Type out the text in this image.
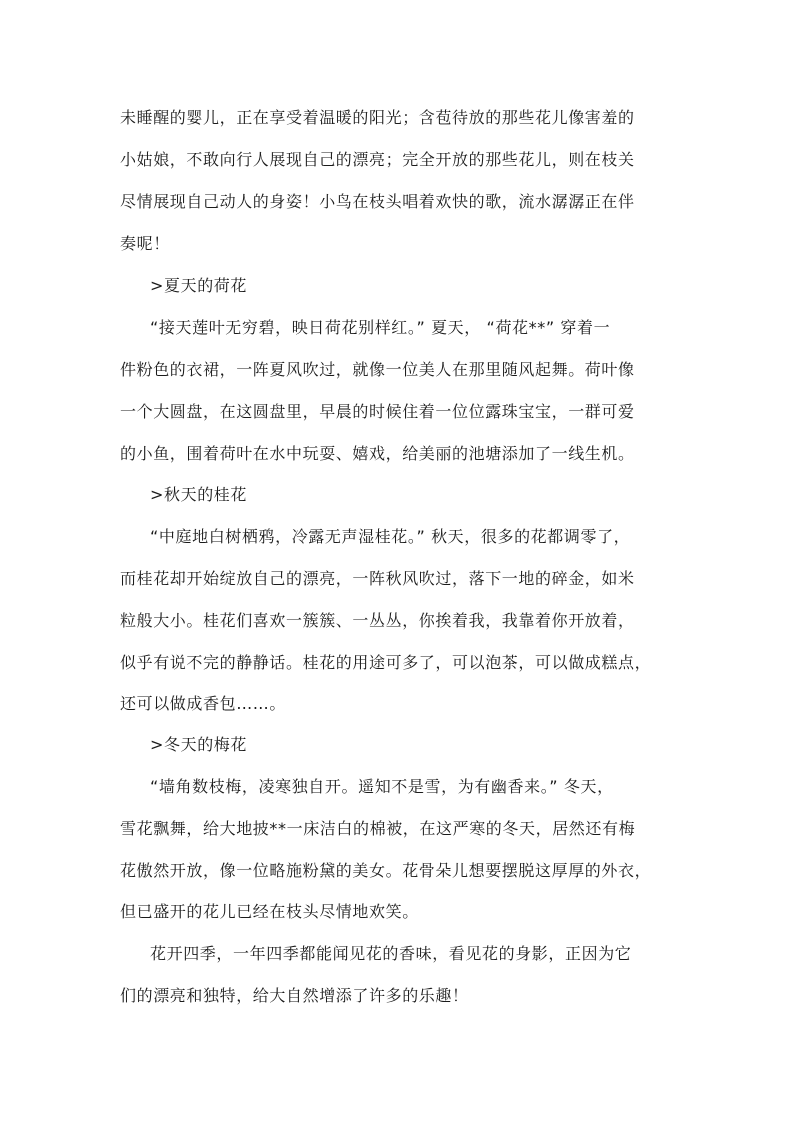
未睡醒的婴儿，正在享受着温暖的阳光；含苞待放的那些花儿像害羞的
小姑娘，不敢向行人展现自己的漂亮；完全开放的那些花儿，则在枝关
尽情展现自己动人的身姿！小鸟在枝头唱着欢快的歌，流水潺潺正在伴
奏呢！
>夏天的荷花
“接天莲叶无穷碧，映日荷花别样红。” 夏天， “荷花**” 穿着一
件粉色的衣裙，一阵夏风吹过，就像一位美人在那里随风起舞。荷叶像
一个大圆盘，在这圆盘里，早晨的时候住着一位位露珠宝宝，一群可爱
的小鱼，围着荷叶在水中玩耍、嬉戏，给美丽的池塘添加了一线生机。
>秋天的桂花
“中庭地白树栖鸦，冷露无声湿桂花。” 秋天，很多的花都调零了，
而桂花却开始绽放自己的漂亮，一阵秋风吹过，落下一地的碎金，如米
粒般大小。桂花们喜欢一簇簇、一丛丛，你挨着我，我靠着你开放着，
似乎有说不完的静静话。桂花的用途可多了，可以泡茶，可以做成糕点，
还可以做成香包……。
>冬天的梅花
“墙角数枝梅，凌寒独自开。遥知不是雪，为有幽香来。” 冬天，
雪花飘舞，给大地披**一床洁白的棉被，在这严寒的冬天，居然还有梅
花傲然开放，像一位略施粉黛的美女。花骨朵儿想要摆脱这厚厚的外衣，
但已盛开的花儿已经在枝头尽情地欢笑。
花开四季，一年四季都能闻见花的香味，看见花的身影，正因为它
们的漂亮和独特，给大自然增添了许多的乐趣！
